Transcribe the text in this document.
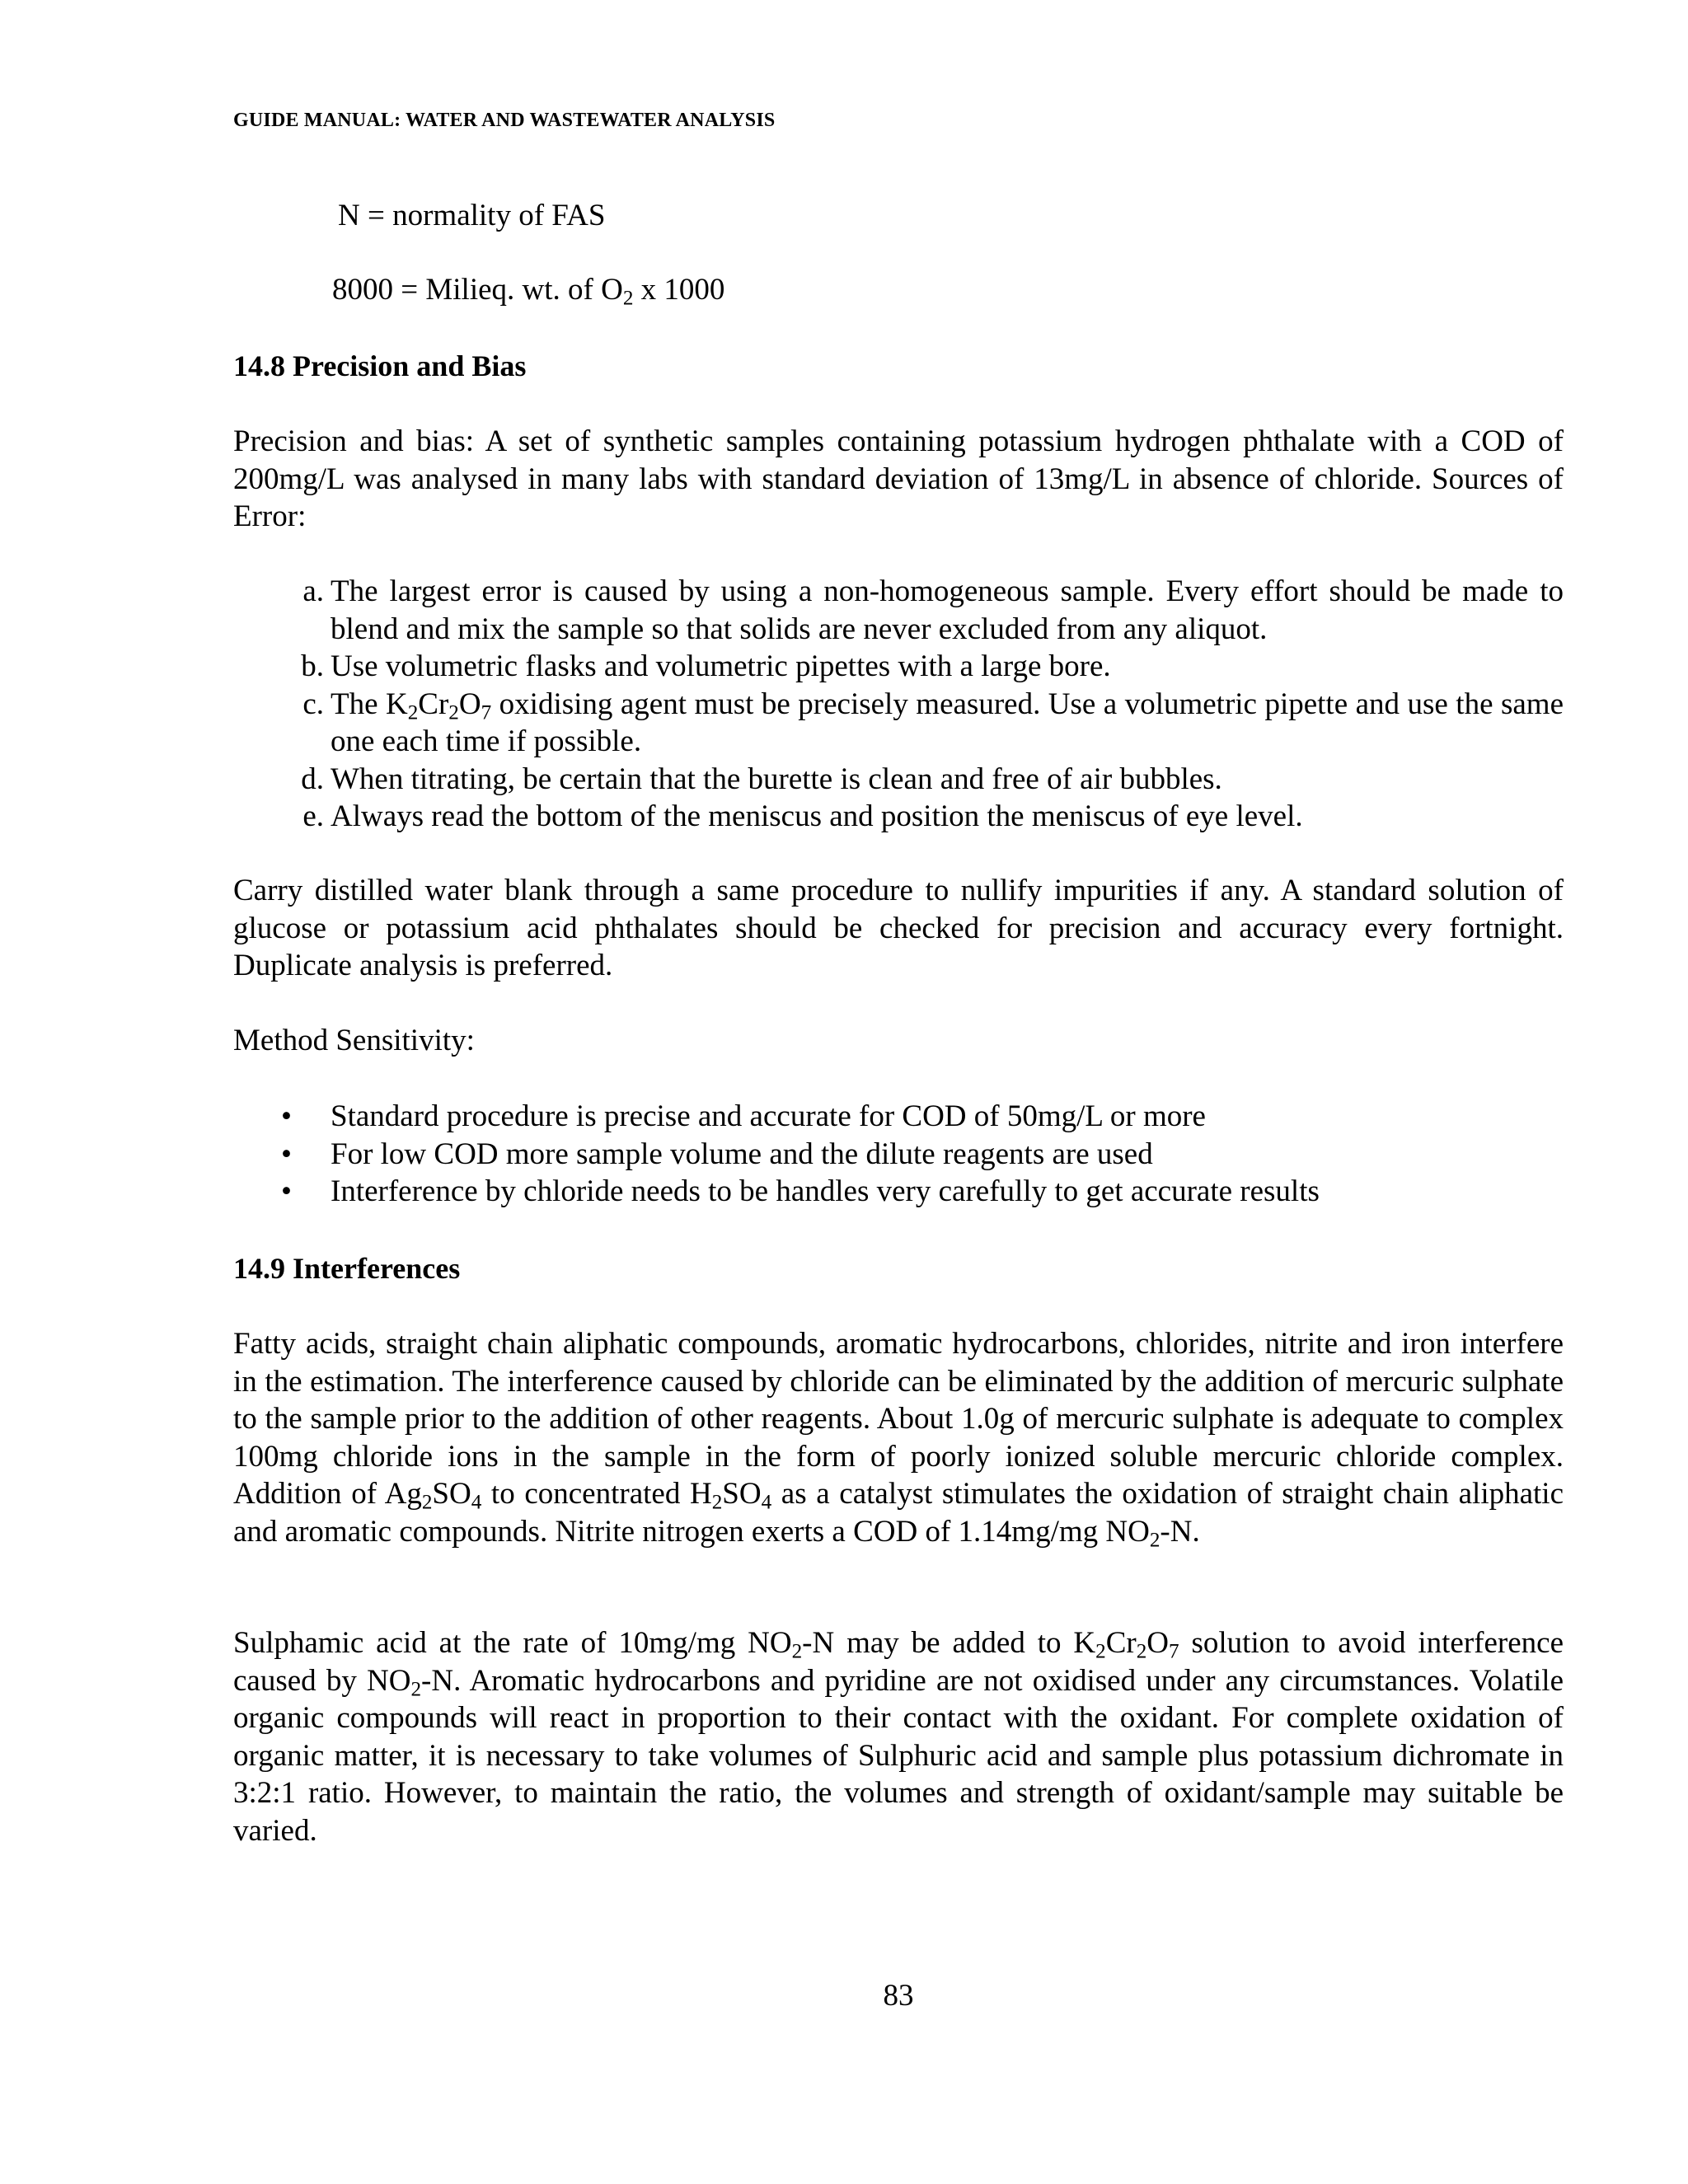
GUIDE MANUAL: WATER AND WASTEWATER ANALYSIS
N = normality of FAS
8000 = Milieq. wt. of $O_2$ x 1000
14.8 Precision and Bias

Precision and bias: A set of synthetic samples containing potassium hydrogen phthalate with a COD of 200mg/L was analysed in many labs with standard deviation of 13mg/L in absence of chloride. Sources of Error:

a. The largest error is caused by using a non-homogeneous sample. Every effort should be made to blend and mix the sample so that solids are never excluded from any aliquot.
b. Use volumetric flasks and volumetric pipettes with a large bore.
c. The $K_2Cr_2O_7$ oxidising agent must be precisely measured. Use a volumetric pipette and use the same one each time if possible.
d. When titrating, be certain that the burette is clean and free of air bubbles.
e. Always read the bottom of the meniscus and position the meniscus of eye level.

Carry distilled water blank through a same procedure to nullify impurities if any. A standard solution of glucose or potassium acid phthalates should be checked for precision and accuracy every fortnight. Duplicate analysis is preferred.

Method Sensitivity:

• Standard procedure is precise and accurate for COD of 50mg/L or more
• For low COD more sample volume and the dilute reagents are used
• Interference by chloride needs to be handles very carefully to get accurate results
14.9 Interferences

Fatty acids, straight chain aliphatic compounds, aromatic hydrocarbons, chlorides, nitrite and iron interfere in the estimation. The interference caused by chloride can be eliminated by the addition of mercuric sulphate to the sample prior to the addition of other reagents. About 1.0g of mercuric sulphate is adequate to complex 100mg chloride ions in the sample in the form of poorly ionized soluble mercuric chloride complex. Addition of $Ag_2SO_4$ to concentrated $H_2SO_4$ as a catalyst stimulates the oxidation of straight chain aliphatic and aromatic compounds. Nitrite nitrogen exerts a COD of 1.14mg/mg $NO_2-N$.

Sulphamic acid at the rate of 10mg/mg $NO_2-N$ may be added to $K_2Cr_2O_7$ solution to avoid interference caused by $NO_2-N$. Aromatic hydrocarbons and pyridine are not oxidised under any circumstances. Volatile organic compounds will react in proportion to their contact with the oxidant. For complete oxidation of organic matter, it is necessary to take volumes of Sulphuric acid and sample plus potassium dichromate in 3:2:1 ratio. However, to maintain the ratio, the volumes and strength of oxidant/sample may suitable be varied.

83
